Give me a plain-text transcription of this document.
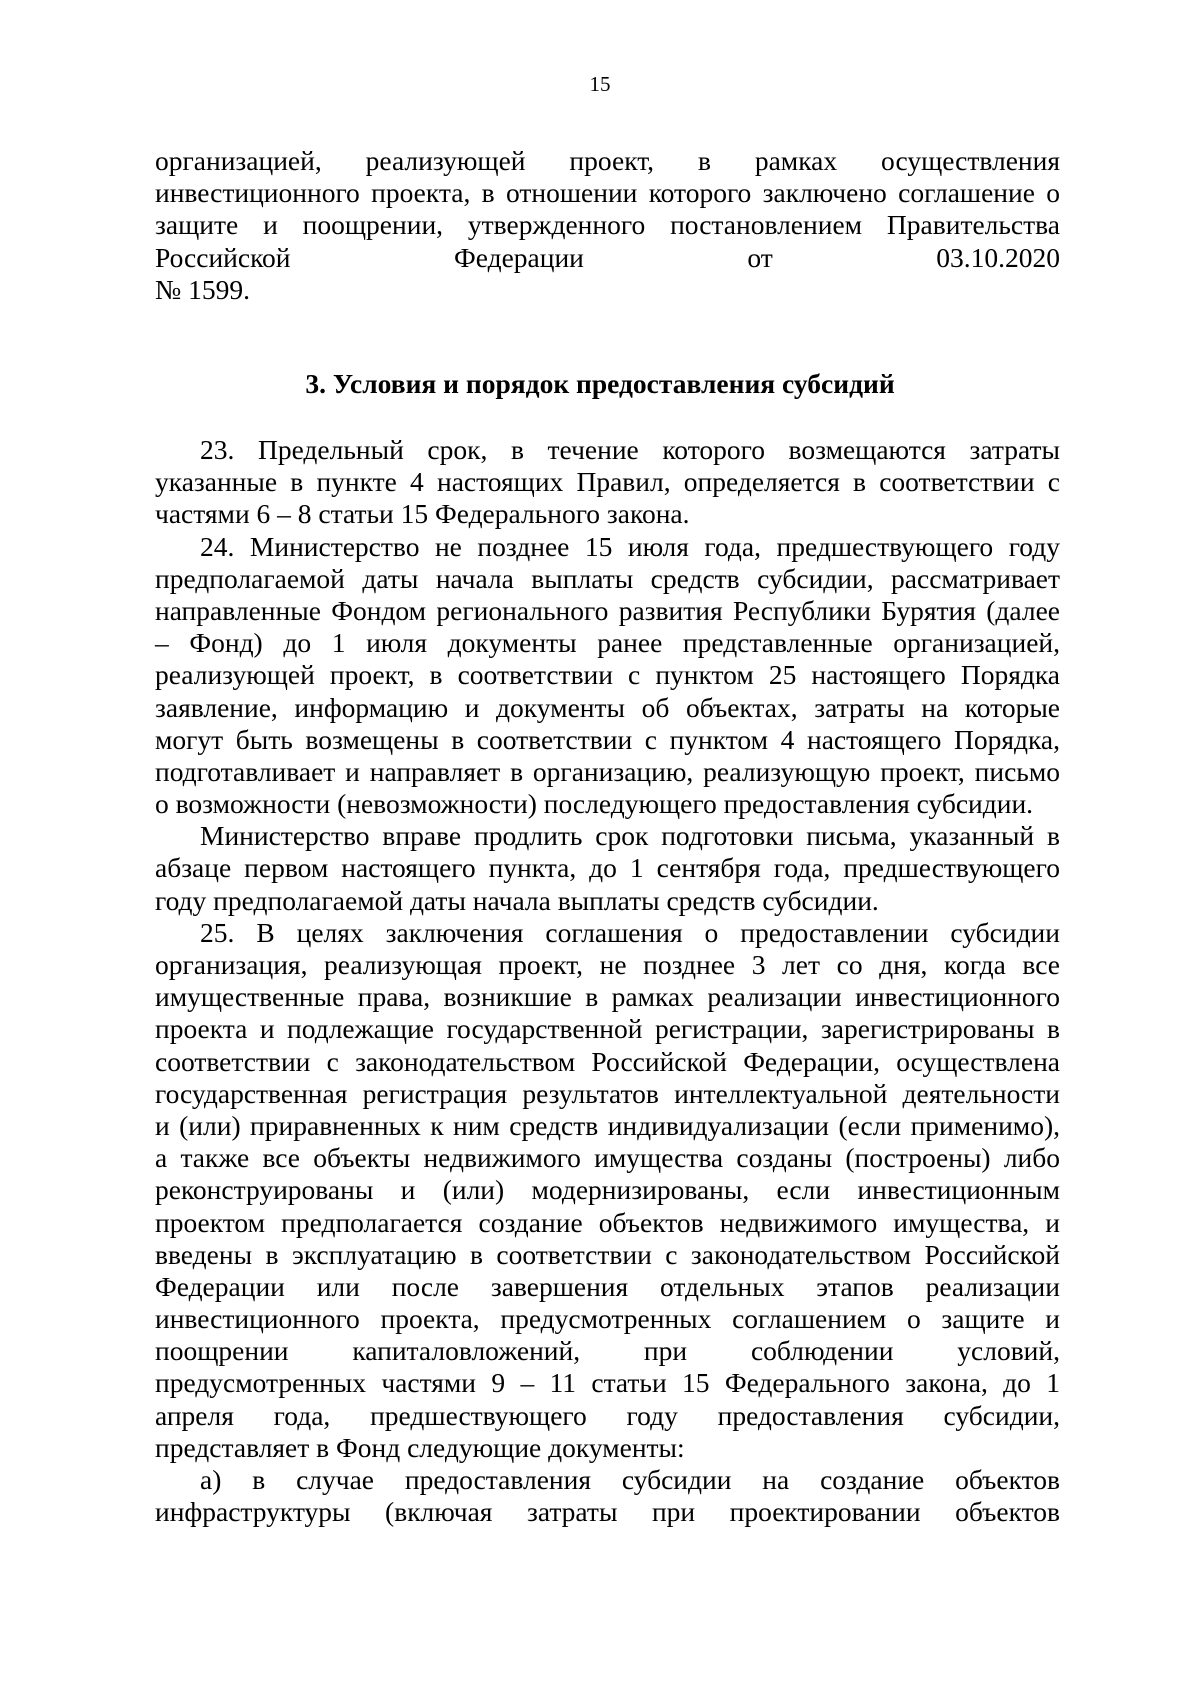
15
организацией, реализующей проект, в рамках осуществления
инвестиционного проекта, в отношении которого заключено соглашение о
защите и поощрении, утвержденного постановлением Правительства
Российской Федерации от 03.10.2020
№ 1599.
3. Условия и порядок предоставления субсидий
23. Предельный срок, в течение которого возмещаются затраты
указанные в пункте 4 настоящих Правил, определяется в соответствии с
частями 6 – 8 статьи 15 Федерального закона.
24. Министерство не позднее 15 июля года, предшествующего году
предполагаемой даты начала выплаты средств субсидии, рассматривает
направленные Фондом регионального развития Республики Бурятия (далее
– Фонд) до 1 июля документы ранее представленные организацией,
реализующей проект, в соответствии с пунктом 25 настоящего Порядка
заявление, информацию и документы об объектах, затраты на которые
могут быть возмещены в соответствии с пунктом 4 настоящего Порядка,
подготавливает и направляет в организацию, реализующую проект, письмо
о возможности (невозможности) последующего предоставления субсидии.
Министерство вправе продлить срок подготовки письма, указанный в
абзаце первом настоящего пункта, до 1 сентября года, предшествующего
году предполагаемой даты начала выплаты средств субсидии.
25. В целях заключения соглашения о предоставлении субсидии
организация, реализующая проект, не позднее 3 лет со дня, когда все
имущественные права, возникшие в рамках реализации инвестиционного
проекта и подлежащие государственной регистрации, зарегистрированы в
соответствии с законодательством Российской Федерации, осуществлена
государственная регистрация результатов интеллектуальной деятельности
и (или) приравненных к ним средств индивидуализации (если применимо),
а также все объекты недвижимого имущества созданы (построены) либо
реконструированы и (или) модернизированы, если инвестиционным
проектом предполагается создание объектов недвижимого имущества, и
введены в эксплуатацию в соответствии с законодательством Российской
Федерации или после завершения отдельных этапов реализации
инвестиционного проекта, предусмотренных соглашением о защите и
поощрении капиталовложений, при соблюдении условий,
предусмотренных частями 9 – 11 статьи 15 Федерального закона, до 1
апреля года, предшествующего году предоставления субсидии,
представляет в Фонд следующие документы:
а) в случае предоставления субсидии на создание объектов
инфраструктуры (включая затраты при проектировании объектов
